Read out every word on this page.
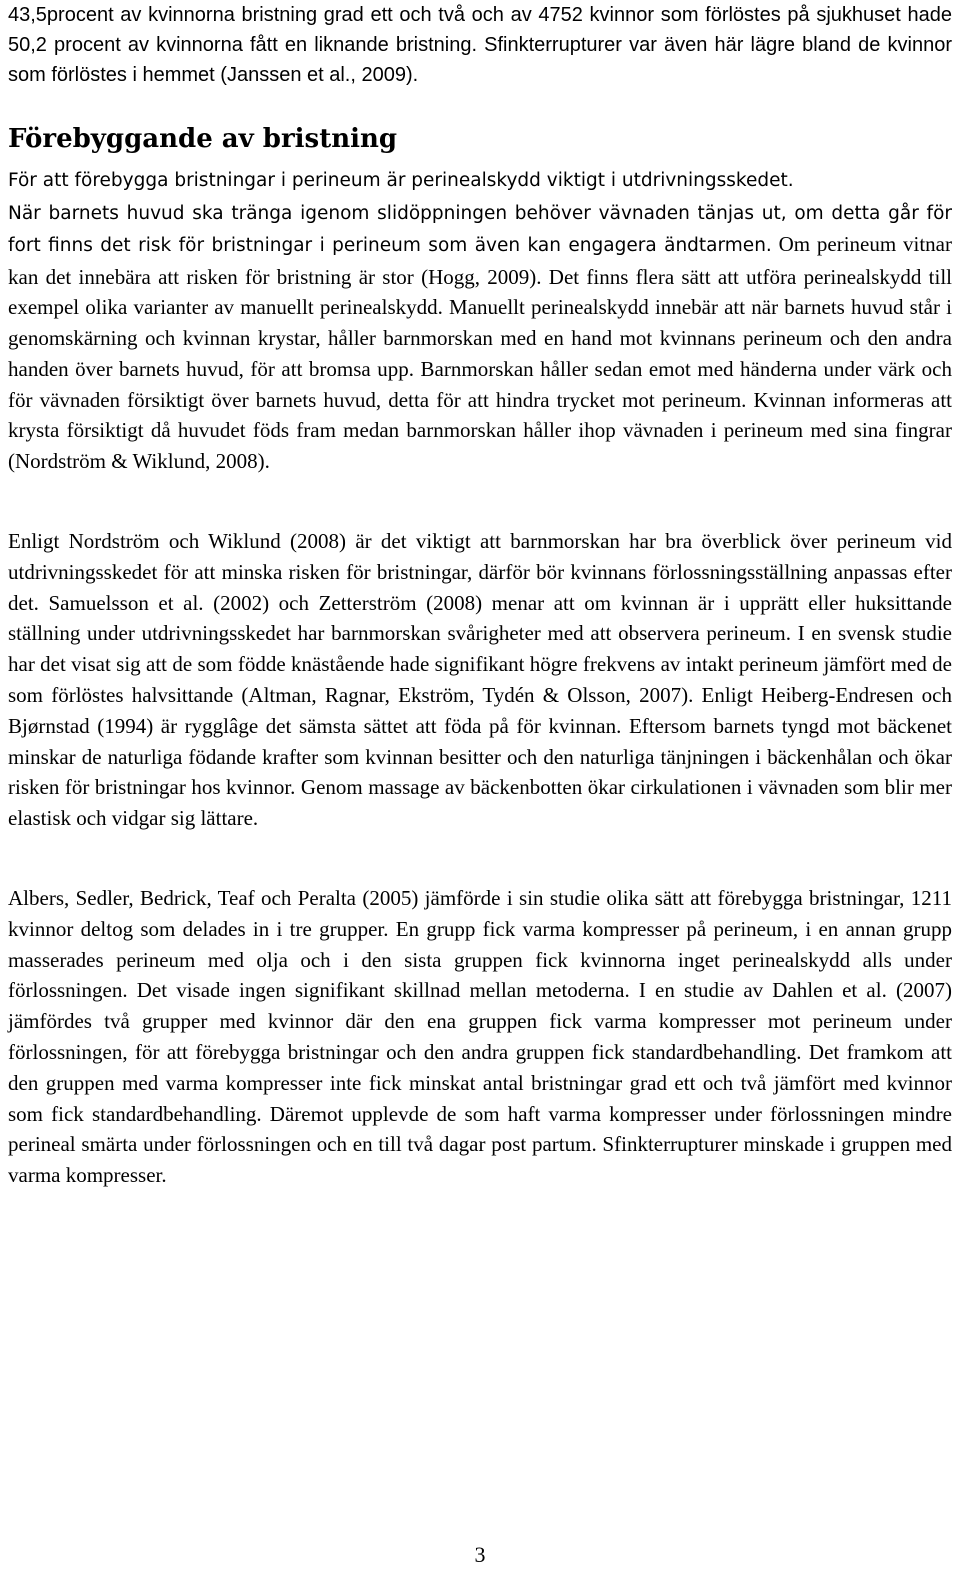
43,5procent av kvinnorna bristning grad ett och två och av 4752 kvinnor som förlöstes på sjukhuset hade 50,2 procent av kvinnorna fått en liknande bristning. Sfinkterrupturer var även här lägre bland de kvinnor som förlöstes i hemmet (Janssen et al., 2009).

Förebyggande av bristning

För att förebygga bristningar i perineum är perinealskydd viktigt i utdrivningsskedet.

När barnets huvud ska tränga igenom slidöppningen behöver vävnaden tänjas ut, om detta går för fort finns det risk för bristningar i perineum som även kan engagera ändtarmen. Om perineum vitnar kan det innebära att risken för bristning är stor (Hogg, 2009). Det finns flera sätt att utföra perinealskydd till exempel olika varianter av manuellt perinealskydd. Manuellt perinealskydd innebär att när barnets huvud står i genomskärning och kvinnan krystar, håller barnmorskan med en hand mot kvinnans perineum och den andra handen över barnets huvud, för att bromsa upp. Barnmorskan håller sedan emot med händerna under värk och för vävnaden försiktigt över barnets huvud, detta för att hindra trycket mot perineum. Kvinnan informeras att krysta försiktigt då huvudet föds fram medan barnmorskan håller ihop vävnaden i perineum med sina fingrar (Nordström & Wiklund, 2008).

Enligt Nordström och Wiklund (2008) är det viktigt att barnmorskan har bra överblick över perineum vid utdrivningsskedet för att minska risken för bristningar, därför bör kvinnans förlossningsställning anpassas efter det. Samuelsson et al. (2002) och Zetterström (2008) menar att om kvinnan är i upprätt eller huksittande ställning under utdrivningsskedet har barnmorskan svårigheter med att observera perineum. I en svensk studie har det visat sig att de som födde knästående hade signifikant högre frekvens av intakt perineum jämfört med de som förlöstes halvsittande (Altman, Ragnar, Ekström, Tydén & Olsson, 2007). Enligt Heiberg-Endresen och Bjørnstad (1994) är rygglâge det sämsta sättet att föda på för kvinnan. Eftersom barnets tyngd mot bäckenet minskar de naturliga födande krafter som kvinnan besitter och den naturliga tänjningen i bäckenhålan och ökar risken för bristningar hos kvinnor. Genom massage av bäckenbotten ökar cirkulationen i vävnaden som blir mer elastisk och vidgar sig lättare.

Albers, Sedler, Bedrick, Teaf och Peralta (2005) jämförde i sin studie olika sätt att förebygga bristningar, 1211 kvinnor deltog som delades in i tre grupper. En grupp fick varma kompresser på perineum, i en annan grupp masserades perineum med olja och i den sista gruppen fick kvinnorna inget perinealskydd alls under förlossningen. Det visade ingen signifikant skillnad mellan metoderna. I en studie av Dahlen et al. (2007) jämfördes två grupper med kvinnor där den ena gruppen fick varma kompresser mot perineum under förlossningen, för att förebygga bristningar och den andra gruppen fick standardbehandling. Det framkom att den gruppen med varma kompresser inte fick minskat antal bristningar grad ett och två jämfört med kvinnor som fick standardbehandling. Däremot upplevde de som haft varma kompresser under förlossningen mindre perineal smärta under förlossningen och en till två dagar post partum. Sfinkterrupturer minskade i gruppen med varma kompresser.

3
